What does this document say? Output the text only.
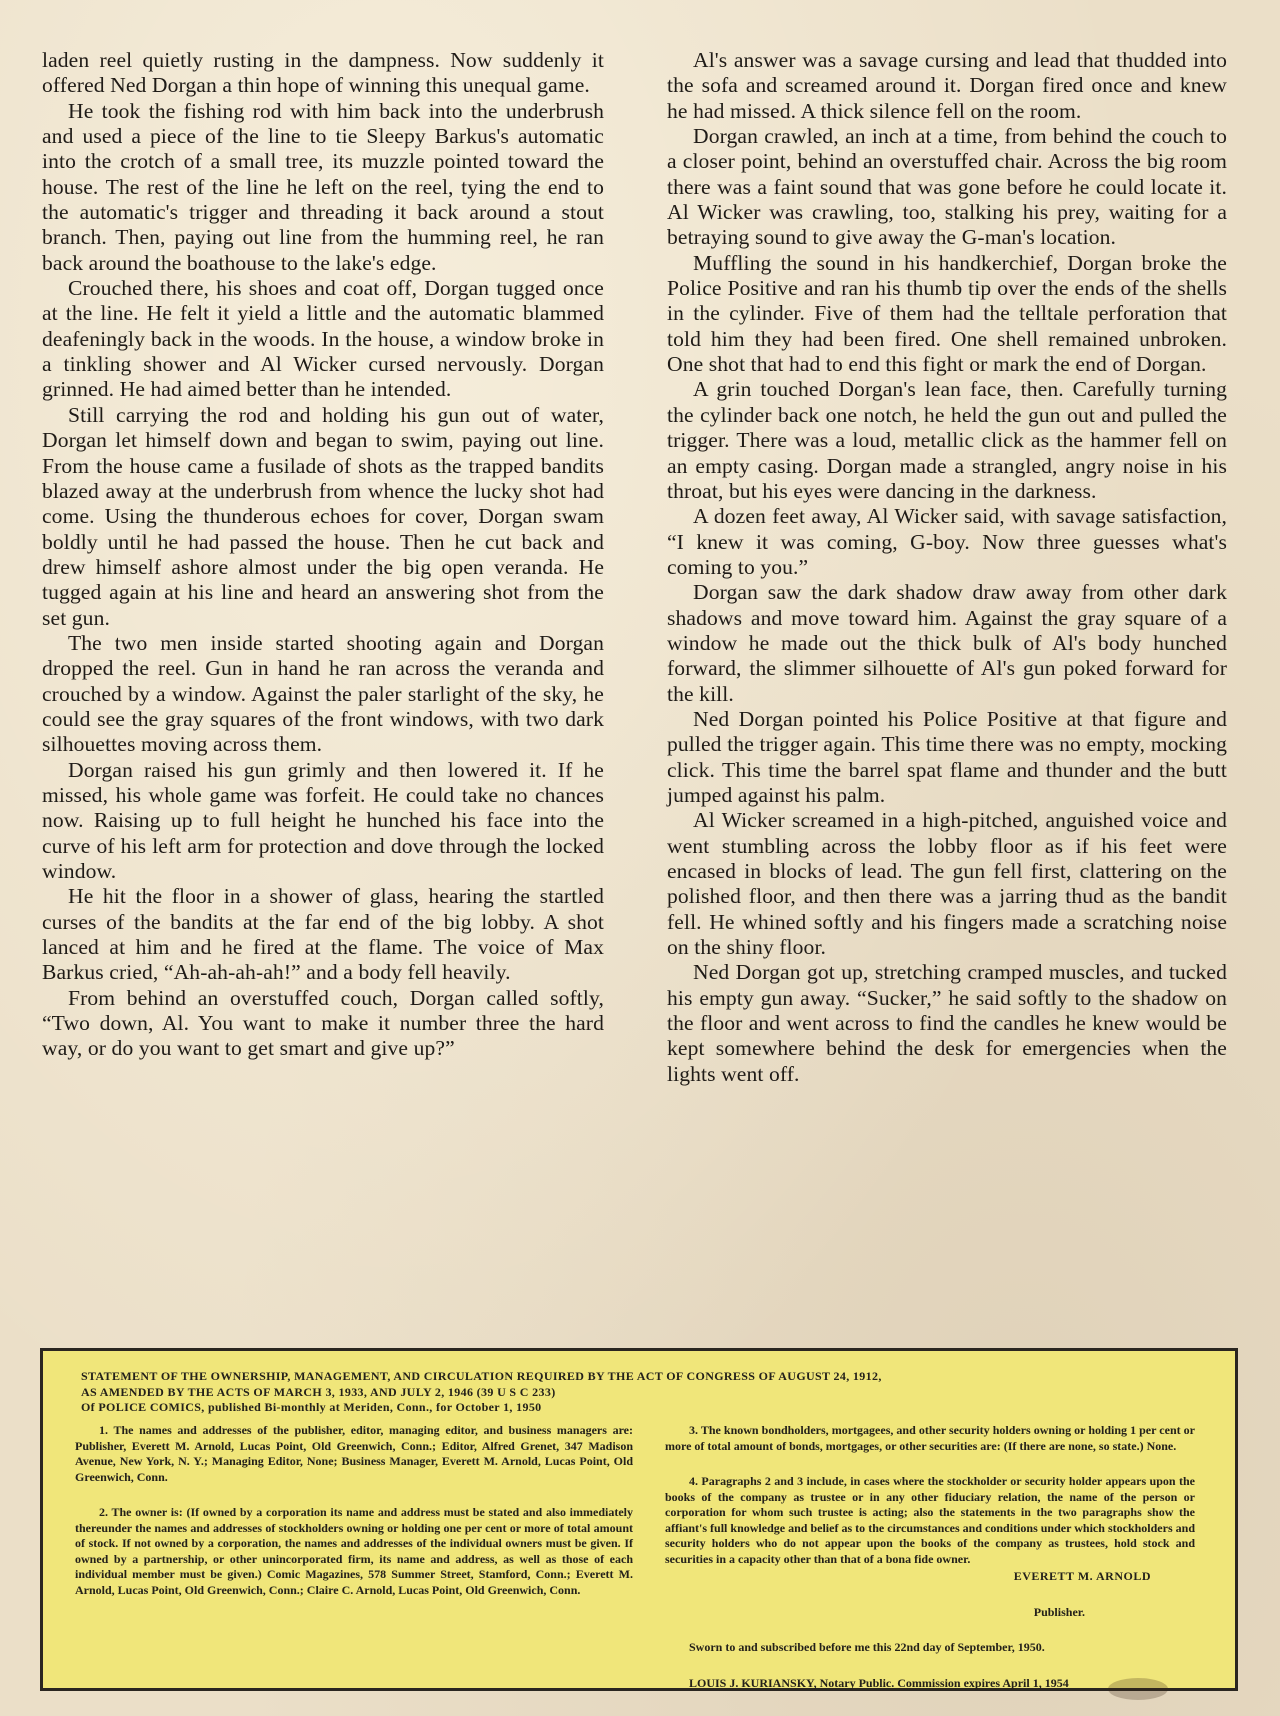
laden reel quietly rusting in the dampness. Now suddenly it offered Ned Dorgan a thin hope of winning this unequal game.

He took the fishing rod with him back into the underbrush and used a piece of the line to tie Sleepy Barkus's automatic into the crotch of a small tree, its muzzle pointed toward the house. The rest of the line he left on the reel, tying the end to the automatic's trigger and threading it back around a stout branch. Then, paying out line from the humming reel, he ran back around the boathouse to the lake's edge.

Crouched there, his shoes and coat off, Dorgan tugged once at the line. He felt it yield a little and the automatic blammed deafeningly back in the woods. In the house, a window broke in a tinkling shower and Al Wicker cursed nervously. Dorgan grinned. He had aimed better than he intended.

Still carrying the rod and holding his gun out of water, Dorgan let himself down and began to swim, paying out line. From the house came a fusilade of shots as the trapped bandits blazed away at the underbrush from whence the lucky shot had come. Using the thunderous echoes for cover, Dorgan swam boldly until he had passed the house. Then he cut back and drew himself ashore almost under the big open veranda. He tugged again at his line and heard an answering shot from the set gun.

The two men inside started shooting again and Dorgan dropped the reel. Gun in hand he ran across the veranda and crouched by a window. Against the paler starlight of the sky, he could see the gray squares of the front windows, with two dark silhouettes moving across them.

Dorgan raised his gun grimly and then lowered it. If he missed, his whole game was forfeit. He could take no chances now. Raising up to full height he hunched his face into the curve of his left arm for protection and dove through the locked window.

He hit the floor in a shower of glass, hearing the startled curses of the bandits at the far end of the big lobby. A shot lanced at him and he fired at the flame. The voice of Max Barkus cried, “Ah-ah-ah-ah!” and a body fell heavily.

From behind an overstuffed couch, Dorgan called softly, “Two down, Al. You want to make it number three the hard way, or do you want to get smart and give up?”

Al's answer was a savage cursing and lead that thudded into the sofa and screamed around it. Dorgan fired once and knew he had missed. A thick silence fell on the room.

Dorgan crawled, an inch at a time, from behind the couch to a closer point, behind an overstuffed chair. Across the big room there was a faint sound that was gone before he could locate it. Al Wicker was crawling, too, stalking his prey, waiting for a betraying sound to give away the G-man's location.

Muffling the sound in his handkerchief, Dorgan broke the Police Positive and ran his thumb tip over the ends of the shells in the cylinder. Five of them had the telltale perforation that told him they had been fired. One shell remained unbroken. One shot that had to end this fight or mark the end of Dorgan.

A grin touched Dorgan's lean face, then. Carefully turning the cylinder back one notch, he held the gun out and pulled the trigger. There was a loud, metallic click as the hammer fell on an empty casing. Dorgan made a strangled, angry noise in his throat, but his eyes were dancing in the darkness.

A dozen feet away, Al Wicker said, with savage satisfaction, “I knew it was coming, G-boy. Now three guesses what's coming to you.”

Dorgan saw the dark shadow draw away from other dark shadows and move toward him. Against the gray square of a window he made out the thick bulk of Al's body hunched forward, the slimmer silhouette of Al's gun poked forward for the kill.

Ned Dorgan pointed his Police Positive at that figure and pulled the trigger again. This time there was no empty, mocking click. This time the barrel spat flame and thunder and the butt jumped against his palm.

Al Wicker screamed in a high-pitched, anguished voice and went stumbling across the lobby floor as if his feet were encased in blocks of lead. The gun fell first, clattering on the polished floor, and then there was a jarring thud as the bandit fell. He whined softly and his fingers made a scratching noise on the shiny floor.

Ned Dorgan got up, stretching cramped muscles, and tucked his empty gun away. “Sucker,” he said softly to the shadow on the floor and went across to find the candles he knew would be kept somewhere behind the desk for emergencies when the lights went off.

STATEMENT OF THE OWNERSHIP, MANAGEMENT, AND CIRCULATION REQUIRED BY THE ACT OF CONGRESS OF AUGUST 24, 1912,
AS AMENDED BY THE ACTS OF MARCH 3, 1933, AND JULY 2, 1946 (39 U S C 233)
Of POLICE COMICS, published Bi-monthly at Meriden, Conn., for October 1, 1950

1. The names and addresses of the publisher, editor, managing editor, and business managers are: Publisher, Everett M. Arnold, Lucas Point, Old Greenwich, Conn.; Editor, Alfred Grenet, 347 Madison Avenue, New York, N. Y.; Managing Editor, None; Business Manager, Everett M. Arnold, Lucas Point, Old Greenwich, Conn.

2. The owner is: (If owned by a corporation its name and address must be stated and also immediately thereunder the names and addresses of stockholders owning or holding one per cent or more of total amount of stock. If not owned by a corporation, the names and addresses of the individual owners must be given. If owned by a partnership, or other unincorporated firm, its name and address, as well as those of each individual member must be given.) Comic Magazines, 578 Summer Street, Stamford, Conn.; Everett M. Arnold, Lucas Point, Old Greenwich, Conn.; Claire C. Arnold, Lucas Point, Old Greenwich, Conn.

3. The known bondholders, mortgagees, and other security holders owning or holding 1 per cent or more of total amount of bonds, mortgages, or other securities are: (If there are none, so state.) None.

4. Paragraphs 2 and 3 include, in cases where the stockholder or security holder appears upon the books of the company as trustee or in any other fiduciary relation, the name of the person or corporation for whom such trustee is acting; also the statements in the two paragraphs show the affiant's full knowledge and belief as to the circumstances and conditions under which stockholders and security holders who do not appear upon the books of the company as trustees, hold stock and securities in a capacity other than that of a bona fide owner.

EVERETT M. ARNOLD

Publisher.

Sworn to and subscribed before me this 22nd day of September, 1950.

LOUIS J. KURIANSKY, Notary Public. Commission expires April 1, 1954
